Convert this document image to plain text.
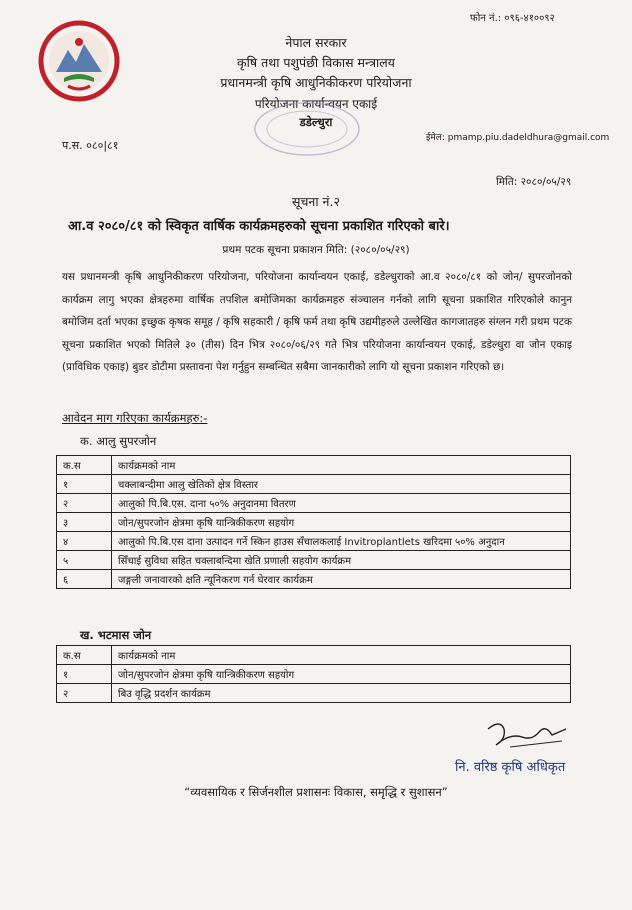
फोन नं.: ०९६-४१००९२
नेपाल सरकार
कृषि तथा पशुपंछी विकास मन्त्रालय
प्रधानमन्त्री कृषि आधुनिकीकरण परियोजना
परियोजना कार्यान्वयन एकाई
डडेल्धुरा
प.स. ०८०|८१
ईमेल: pmamp.piu.dadeldhura@gmail.com
मिति: २०८०/०५/२९
सूचना नं.२
आ.व २०८०/८१ को स्विकृत वार्षिक कार्यक्रमहरुको सूचना प्रकाशित गरिएको बारे।
प्रथम पटक सूचना प्रकाशन मिति: (२०८०/०५/२९)
यस प्रधानमन्त्री कृषि आधुनिकीकरण परियोजना, परियोजना कार्यान्वयन एकाई, डडेल्धुराको आ.व २०८०/८१ को जोन/ सुपरजोनको कार्यक्रम लागु भएका क्षेत्रहरुमा वार्षिक तपशिल बमोजिमका कार्यक्रमहरु संञ्चालन गर्नको लागि सूचना प्रकाशित गरिएकोले कानुन बमोजिम दर्ता भएका इच्छुक कृषक समूह / कृषि सहकारी / कृषि फर्म तथा कृषि उद्यमीहरुले उल्लेखित कागजातहरु संग्लन गरी प्रथम पटक सूचना प्रकाशित भएको मितिले ३० (तीस) दिन भित्र २०८०/०६/२९ गते भित्र परियोजना कार्यान्वयन एकाई, डडेल्धुरा वा जोन एकाइ (प्राविधिक एकाइ) बुडर डोटीमा प्रस्तावना पेश गर्नुहुन सम्बन्धित सबैमा जानकारीको लागि यो सूचना प्रकाशन गरिएको छ।
आवेदन माग गरिएका कार्यक्रमहरु:-
क. आलु सुपरजोन
क.स	कार्यक्रमको नाम
१	चक्लाबन्दीमा आलु खेतिको क्षेत्र विस्तार
२	आलुको पि.बि.एस. दाना ५०% अनुदानमा वितरण
३	जोन/सुपरजोन क्षेत्रमा कृषि यान्त्रिकीकरण सहयोग
४	आलुको पि.बि.एस दाना उत्पादन गर्ने स्किन हाउस सँचालकलाई Invitroplantlets खरिदमा ५०% अनुदान
५	सिँचाई सुविधा सहित चक्लाबन्दिमा खेति प्रणाली सहयोग कार्यक्रम
६	जङ्गली जनावारको क्षति न्यूनिकरण गर्न घेरवार कार्यक्रम
ख. भटमास जोन
क.स	कार्यक्रमको नाम
१	जोन/सुपरजोन क्षेत्रमा कृषि यान्त्रिकीकरण सहयोग
२	बिउ वृद्धि प्रदर्शन कार्यक्रम
नि. वरिष्ठ कृषि अधिकृत
“व्यवसायिक र सिर्जनशील प्रशासनः विकास, समृद्धि र सुशासन”
